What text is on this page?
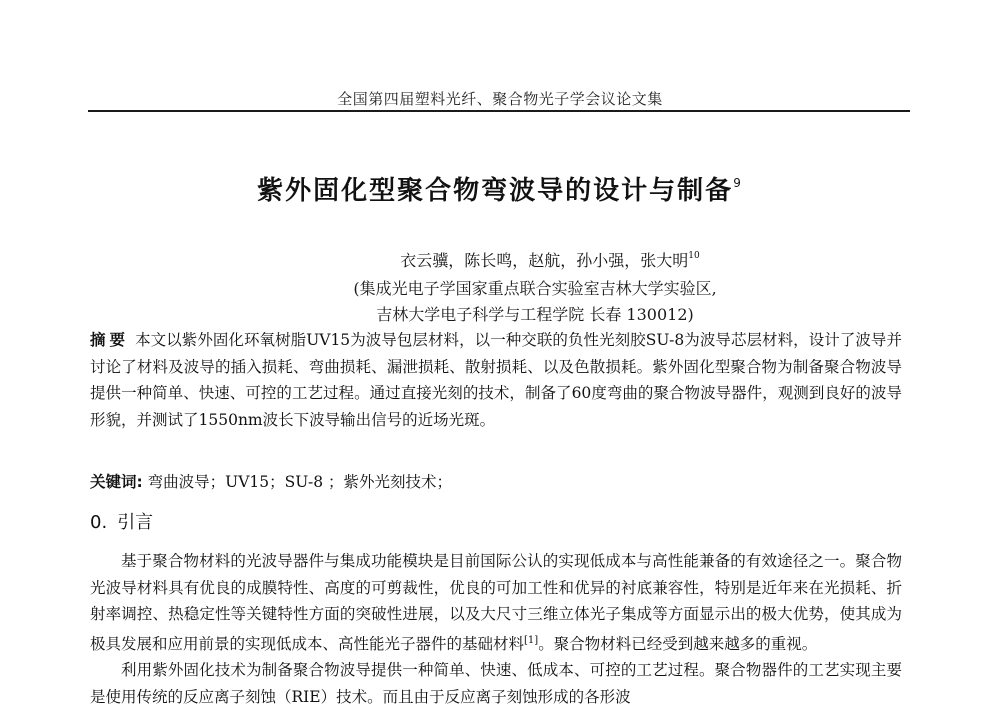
全国第四届塑料光纤、聚合物光子学会议论文集
紫外固化型聚合物弯波导的设计与制备$^9$
衣云骥，陈长鸣，赵航，孙小强，张大明$^{10}$
(集成光电子学国家重点联合实验室吉林大学实验区,
吉林大学电子科学与工程学院 长春 130012)
摘要 本文以紫外固化环氧树脂UV15为波导包层材料，以一种交联的负性光刻胶SU-8为波导芯层材料，设计了波导并讨论了材料及波导的插入损耗、弯曲损耗、漏泄损耗、散射损耗、以及色散损耗。紫外固化型聚合物为制备聚合物波导提供一种简单、快速、可控的工艺过程。通过直接光刻的技术，制备了60度弯曲的聚合物波导器件，观测到良好的波导形貌，并测试了1550nm波长下波导输出信号的近场光斑。
关键词: 弯曲波导；UV15；SU-8 ；紫外光刻技术；
0. 引言

基于聚合物材料的光波导器件与集成功能模块是目前国际公认的实现低成本与高性能兼备的有效途径之一。聚合物光波导材料具有优良的成膜特性、高度的可剪裁性，优良的可加工性和优异的衬底兼容性，特别是近年来在光损耗、折射率调控、热稳定性等关键特性方面的突破性进展，以及大尺寸三维立体光子集成等方面显示出的极大优势，使其成为极具发展和应用前景的实现低成本、高性能光子器件的基础材料[1]。聚合物材料已经受到越来越多的重视。

利用紫外固化技术为制备聚合物波导提供一种简单、快速、低成本、可控的工艺过程。聚合物器件的工艺实现主要是使用传统的反应离子刻蚀（RIE）技术。而且由于反应离子刻蚀形成的各形波
